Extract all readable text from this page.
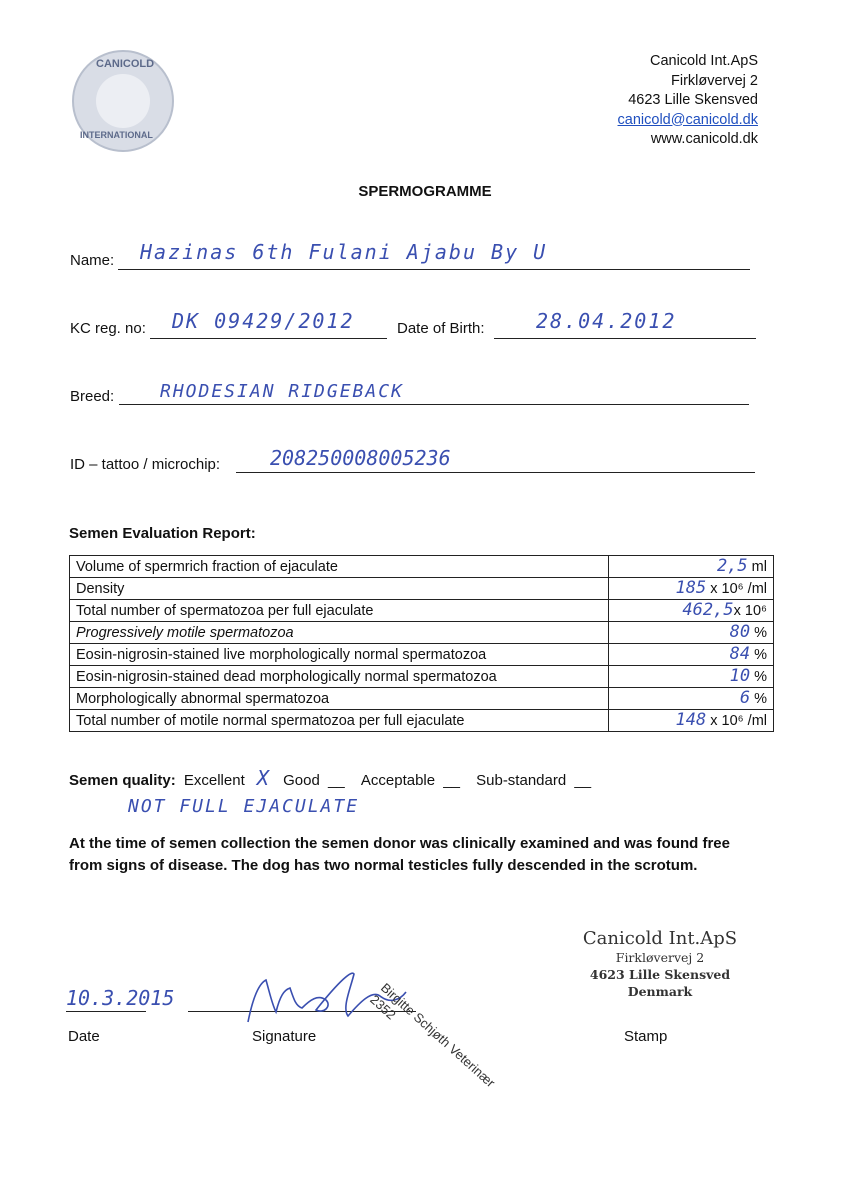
CANICOLD
INTERNATIONAL
Canicold Int.ApS
Firkløvervej 2
4623 Lille Skensved
canicold@canicold.dk
www.canicold.dk
SPERMOGRAMME
Name: Hazinas 6th Fulani Ajabu By U
KC reg. no: DK 09429/2012	Date of Birth:	28.04.2012
Breed:	RHODESIAN RIDGEBACK
ID – tattoo / microchip: 208250008005236
Semen Evaluation Report:
Volume of spermrich fraction of ejaculate	2,5 ml
Density	185 x 10⁶ /ml
Total number of spermatozoa per full ejaculate	462,5x 10⁶
Progressively motile spermatozoa	80 %
Eosin-nigrosin-stained live morphologically normal spermatozoa	84 %
Eosin-nigrosin-stained dead morphologically normal spermatozoa	10 %
Morphologically abnormal spermatozoa	6 %
Total number of motile normal spermatozoa per full ejaculate	148 x 10⁶ /ml
Semen quality: Excellent X Good __ Acceptable __ Sub-standard __
NOT FULL EJACULATE
At the time of semen collection the semen donor was clinically examined and was found free from signs of disease. The dog has two normal testicles fully descended in the scrotum.
10.3.2015
Date	Signature	Birgitte Schjøth Veterinær 2352
Canicold Int.ApS
Firkløvervej 2
4623 Lille Skensved
Denmark
Stamp
